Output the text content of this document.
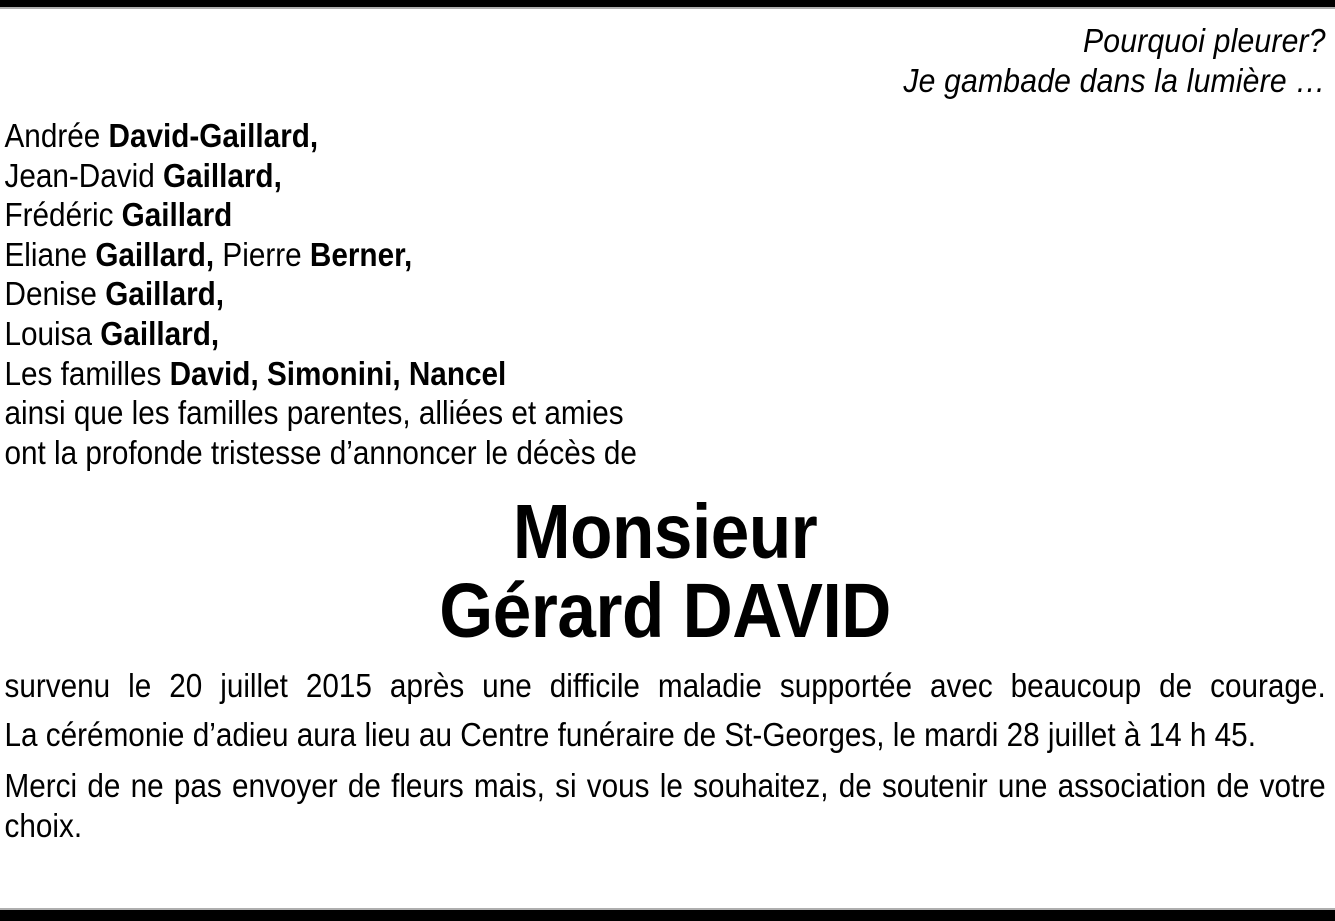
Pourquoi pleurer?
Je gambade dans la lumière …
Andrée David-Gaillard,
Jean-David Gaillard,
Frédéric Gaillard
Eliane Gaillard, Pierre Berner,
Denise Gaillard,
Louisa Gaillard,
Les familles David, Simonini, Nancel
ainsi que les familles parentes, alliées et amies
ont la profonde tristesse d’annoncer le décès de
Monsieur
Gérard DAVID

survenu le 20 juillet 2015 après une difficile maladie supportée avec beaucoup de courage.

La cérémonie d’adieu aura lieu au Centre funéraire de St-Georges, le mardi 28 juillet à 14 h 45.

Merci de ne pas envoyer de fleurs mais, si vous le souhaitez, de soutenir une association de votre choix.
